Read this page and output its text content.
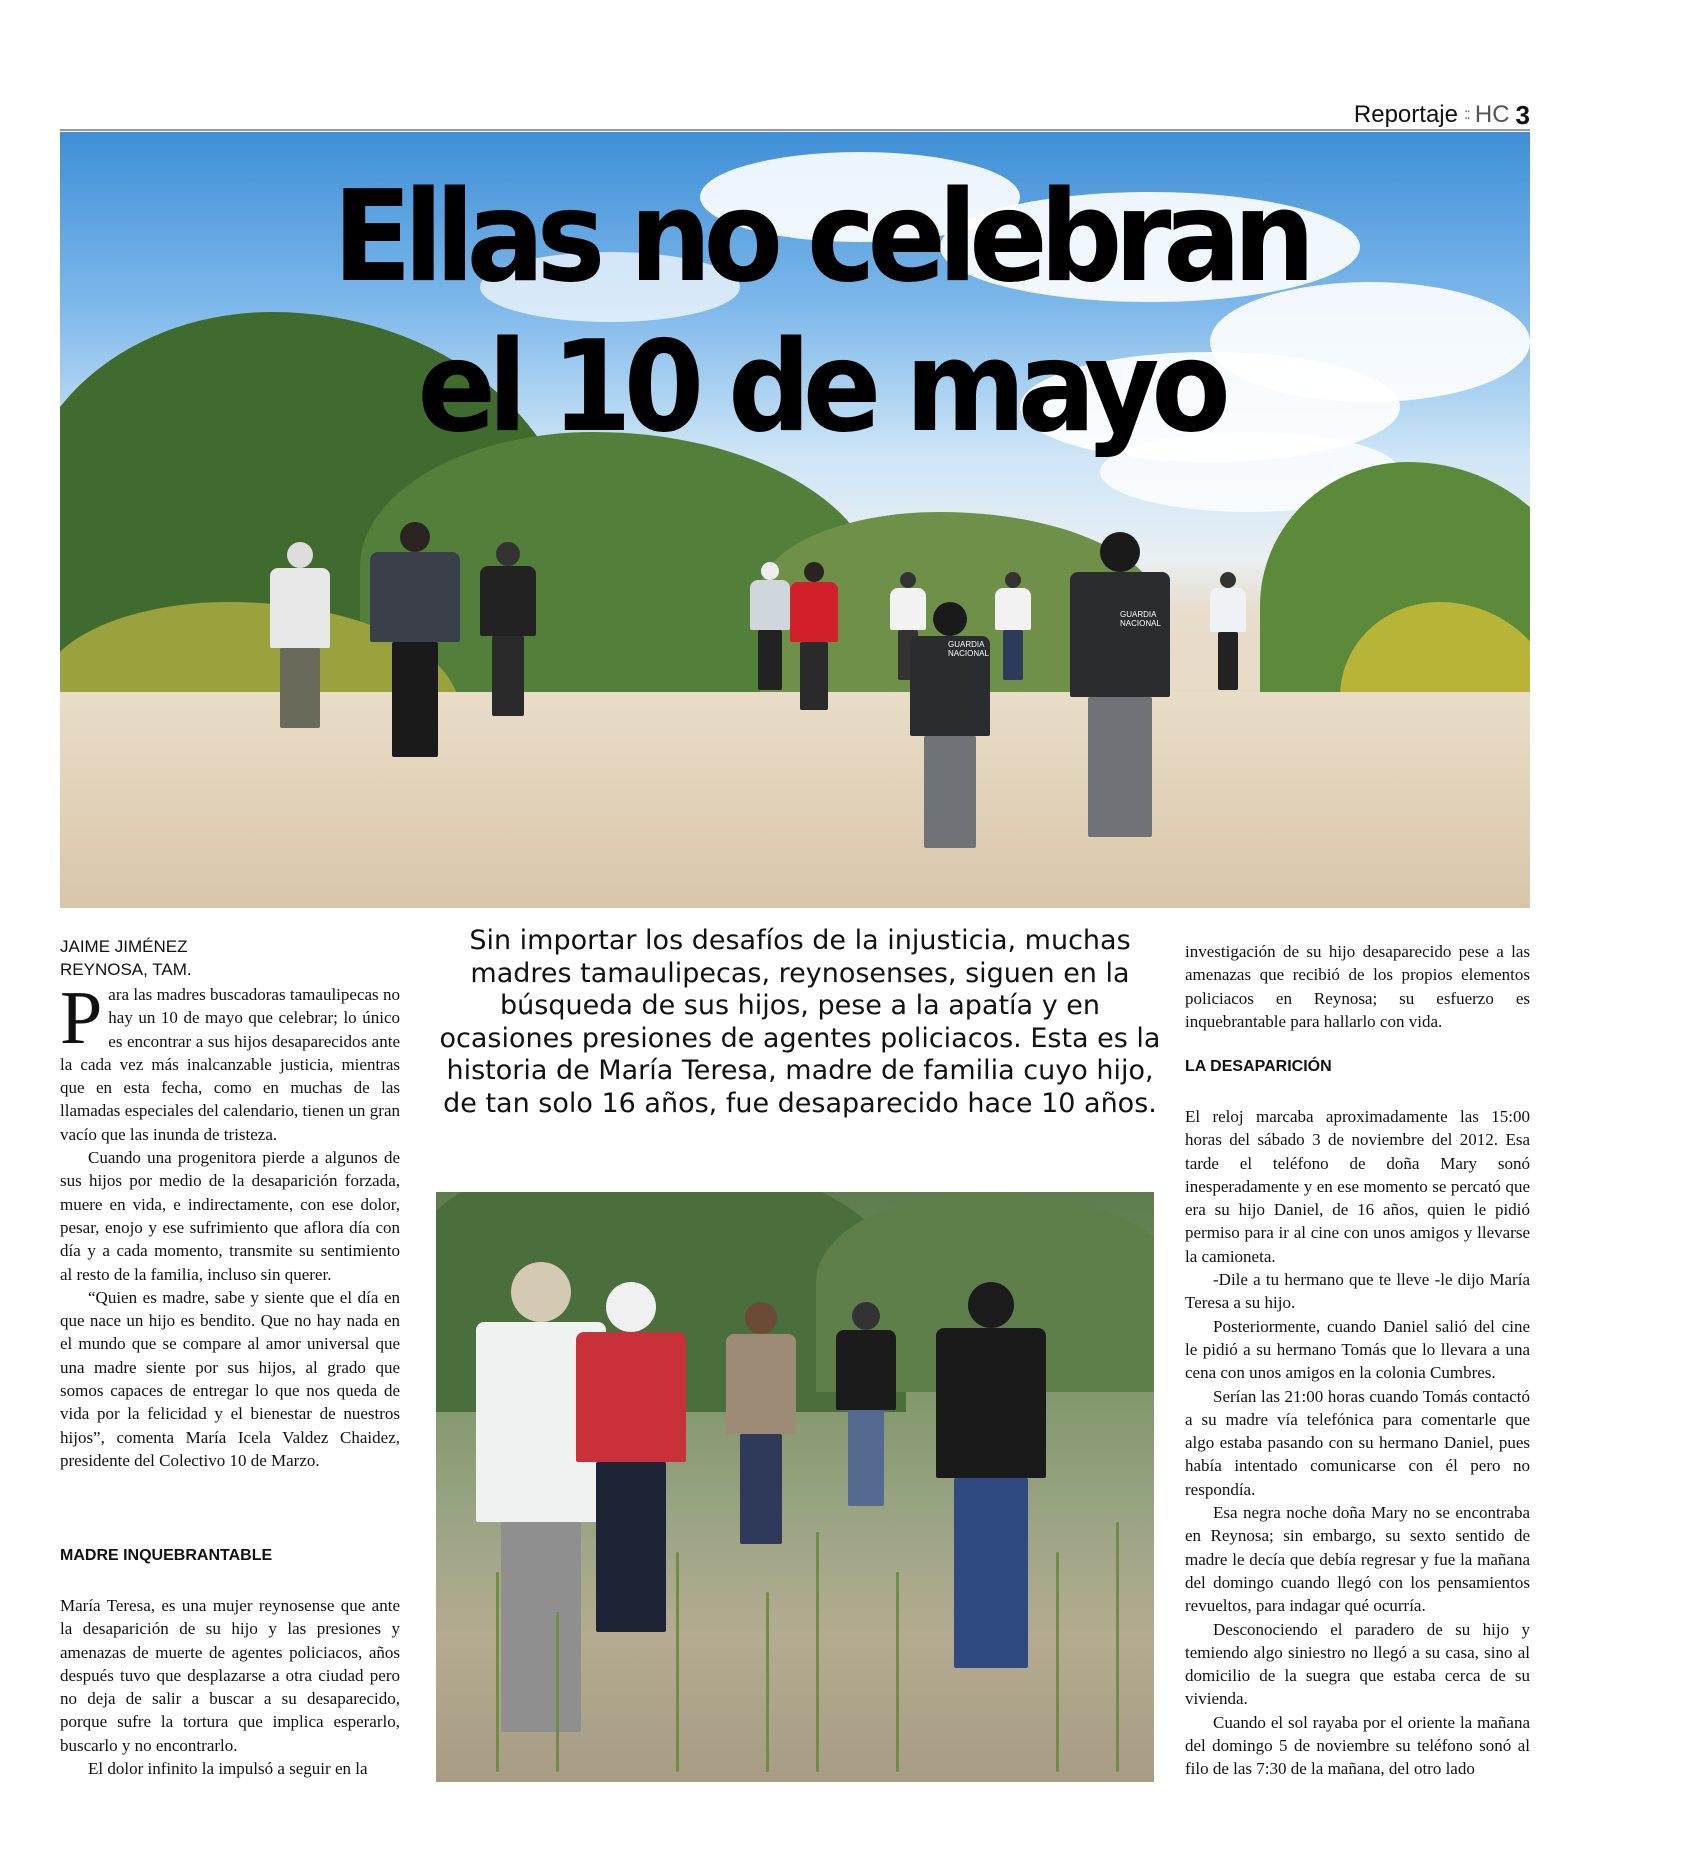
Reportaje :: HC 3
Ellas no celebran
el 10 de mayo
JAIME JIMÉNEZ
REYNOSA, TAM.

Para las madres buscadoras tamaulipecas no hay un 10 de mayo que celebrar; lo único es encontrar a sus hijos desaparecidos ante la cada vez más inalcanzable justicia, mientras que en esta fecha, como en muchas de las llamadas especiales del calendario, tienen un gran vacío que las inunda de tristeza.

Cuando una progenitora pierde a algunos de sus hijos por medio de la desaparición forzada, muere en vida, e indirectamente, con ese dolor, pesar, enojo y ese sufrimiento que aflora día con día y a cada momento, transmite su sentimiento al resto de la familia, incluso sin querer.

“Quien es madre, sabe y siente que el día en que nace un hijo es bendito. Que no hay nada en el mundo que se compare al amor universal que una madre siente por sus hijos, al grado que somos capaces de entregar lo que nos queda de vida por la felicidad y el bienestar de nuestros hijos”, comenta María Icela Valdez Chaidez, presidente del Colectivo 10 de Marzo.

MADRE INQUEBRANTABLE

María Teresa, es una mujer reynosense que ante la desaparición de su hijo y las presiones y amenazas de muerte de agentes policiacos, años después tuvo que desplazarse a otra ciudad pero no deja de salir a buscar a su desaparecido, porque sufre la tortura que implica esperarlo, buscarlo y no encontrarlo.

El dolor infinito la impulsó a seguir en la

Sin importar los desafíos de la injusticia, muchas madres tamaulipecas, reynosenses, siguen en la búsqueda de sus hijos, pese a la apatía y en ocasiones presiones de agentes policiacos. Esta es la historia de María Teresa, madre de familia cuyo hijo, de tan solo 16 años, fue desaparecido hace 10 años.

investigación de su hijo desaparecido pese a las amenazas que recibió de los propios elementos policiacos en Reynosa; su esfuerzo es inquebrantable para hallarlo con vida.

LA DESAPARICIÓN

El reloj marcaba aproximadamente las 15:00 horas del sábado 3 de noviembre del 2012. Esa tarde el teléfono de doña Mary sonó inesperadamente y en ese momento se percató que era su hijo Daniel, de 16 años, quien le pidió permiso para ir al cine con unos amigos y llevarse la camioneta.

-Dile a tu hermano que te lleve -le dijo María Teresa a su hijo.

Posteriormente, cuando Daniel salió del cine le pidió a su hermano Tomás que lo llevara a una cena con unos amigos en la colonia Cumbres.

Serían las 21:00 horas cuando Tomás contactó a su madre vía telefónica para comentarle que algo estaba pasando con su hermano Daniel, pues había intentado comunicarse con él pero no respondía.

Esa negra noche doña Mary no se encontraba en Reynosa; sin embargo, su sexto sentido de madre le decía que debía regresar y fue la mañana del domingo cuando llegó con los pensamientos revueltos, para indagar qué ocurría.

Desconociendo el paradero de su hijo y temiendo algo siniestro no llegó a su casa, sino al domicilio de la suegra que estaba cerca de su vivienda.

Cuando el sol rayaba por el oriente la mañana del domingo 5 de noviembre su teléfono sonó al filo de las 7:30 de la mañana, del otro lado

GUARDIA NACIONAL
GUARDIA NACIONAL
